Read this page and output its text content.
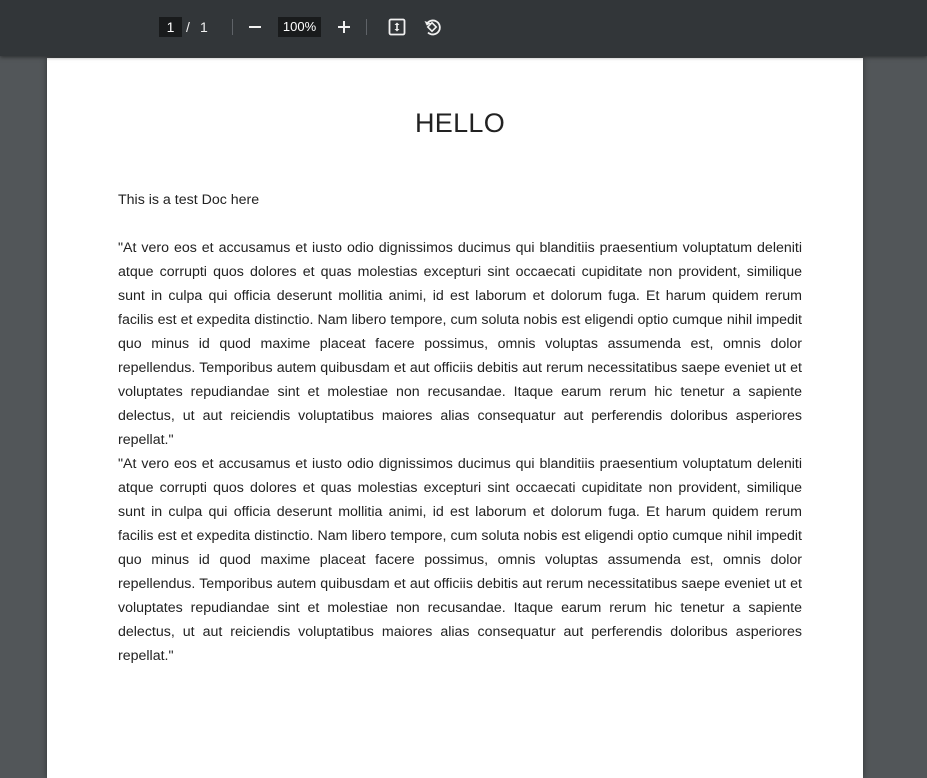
1 / 1	100%
HELLO
This is a test Doc here

"At vero eos et accusamus et iusto odio dignissimos ducimus qui blanditiis praesentium voluptatum deleniti atque corrupti quos dolores et quas molestias excepturi sint occaecati cupiditate non provident, similique sunt in culpa qui officia deserunt mollitia animi, id est laborum et dolorum fuga. Et harum quidem rerum facilis est et expedita distinctio. Nam libero tempore, cum soluta nobis est eligendi optio cumque nihil impedit quo minus id quod maxime placeat facere possimus, omnis voluptas assumenda est, omnis dolor repellendus. Temporibus autem quibusdam et aut officiis debitis aut rerum necessitatibus saepe eveniet ut et voluptates repudiandae sint et molestiae non recusandae. Itaque earum rerum hic tenetur a sapiente delectus, ut aut reiciendis voluptatibus maiores alias consequatur aut perferendis doloribus asperiores repellat."

"At vero eos et accusamus et iusto odio dignissimos ducimus qui blanditiis praesentium voluptatum deleniti atque corrupti quos dolores et quas molestias excepturi sint occaecati cupiditate non provident, similique sunt in culpa qui officia deserunt mollitia animi, id est laborum et dolorum fuga. Et harum quidem rerum facilis est et expedita distinctio. Nam libero tempore, cum soluta nobis est eligendi optio cumque nihil impedit quo minus id quod maxime placeat facere possimus, omnis voluptas assumenda est, omnis dolor repellendus. Temporibus autem quibusdam et aut officiis debitis aut rerum necessitatibus saepe eveniet ut et voluptates repudiandae sint et molestiae non recusandae. Itaque earum rerum hic tenetur a sapiente delectus, ut aut reiciendis voluptatibus maiores alias consequatur aut perferendis doloribus asperiores repellat."
